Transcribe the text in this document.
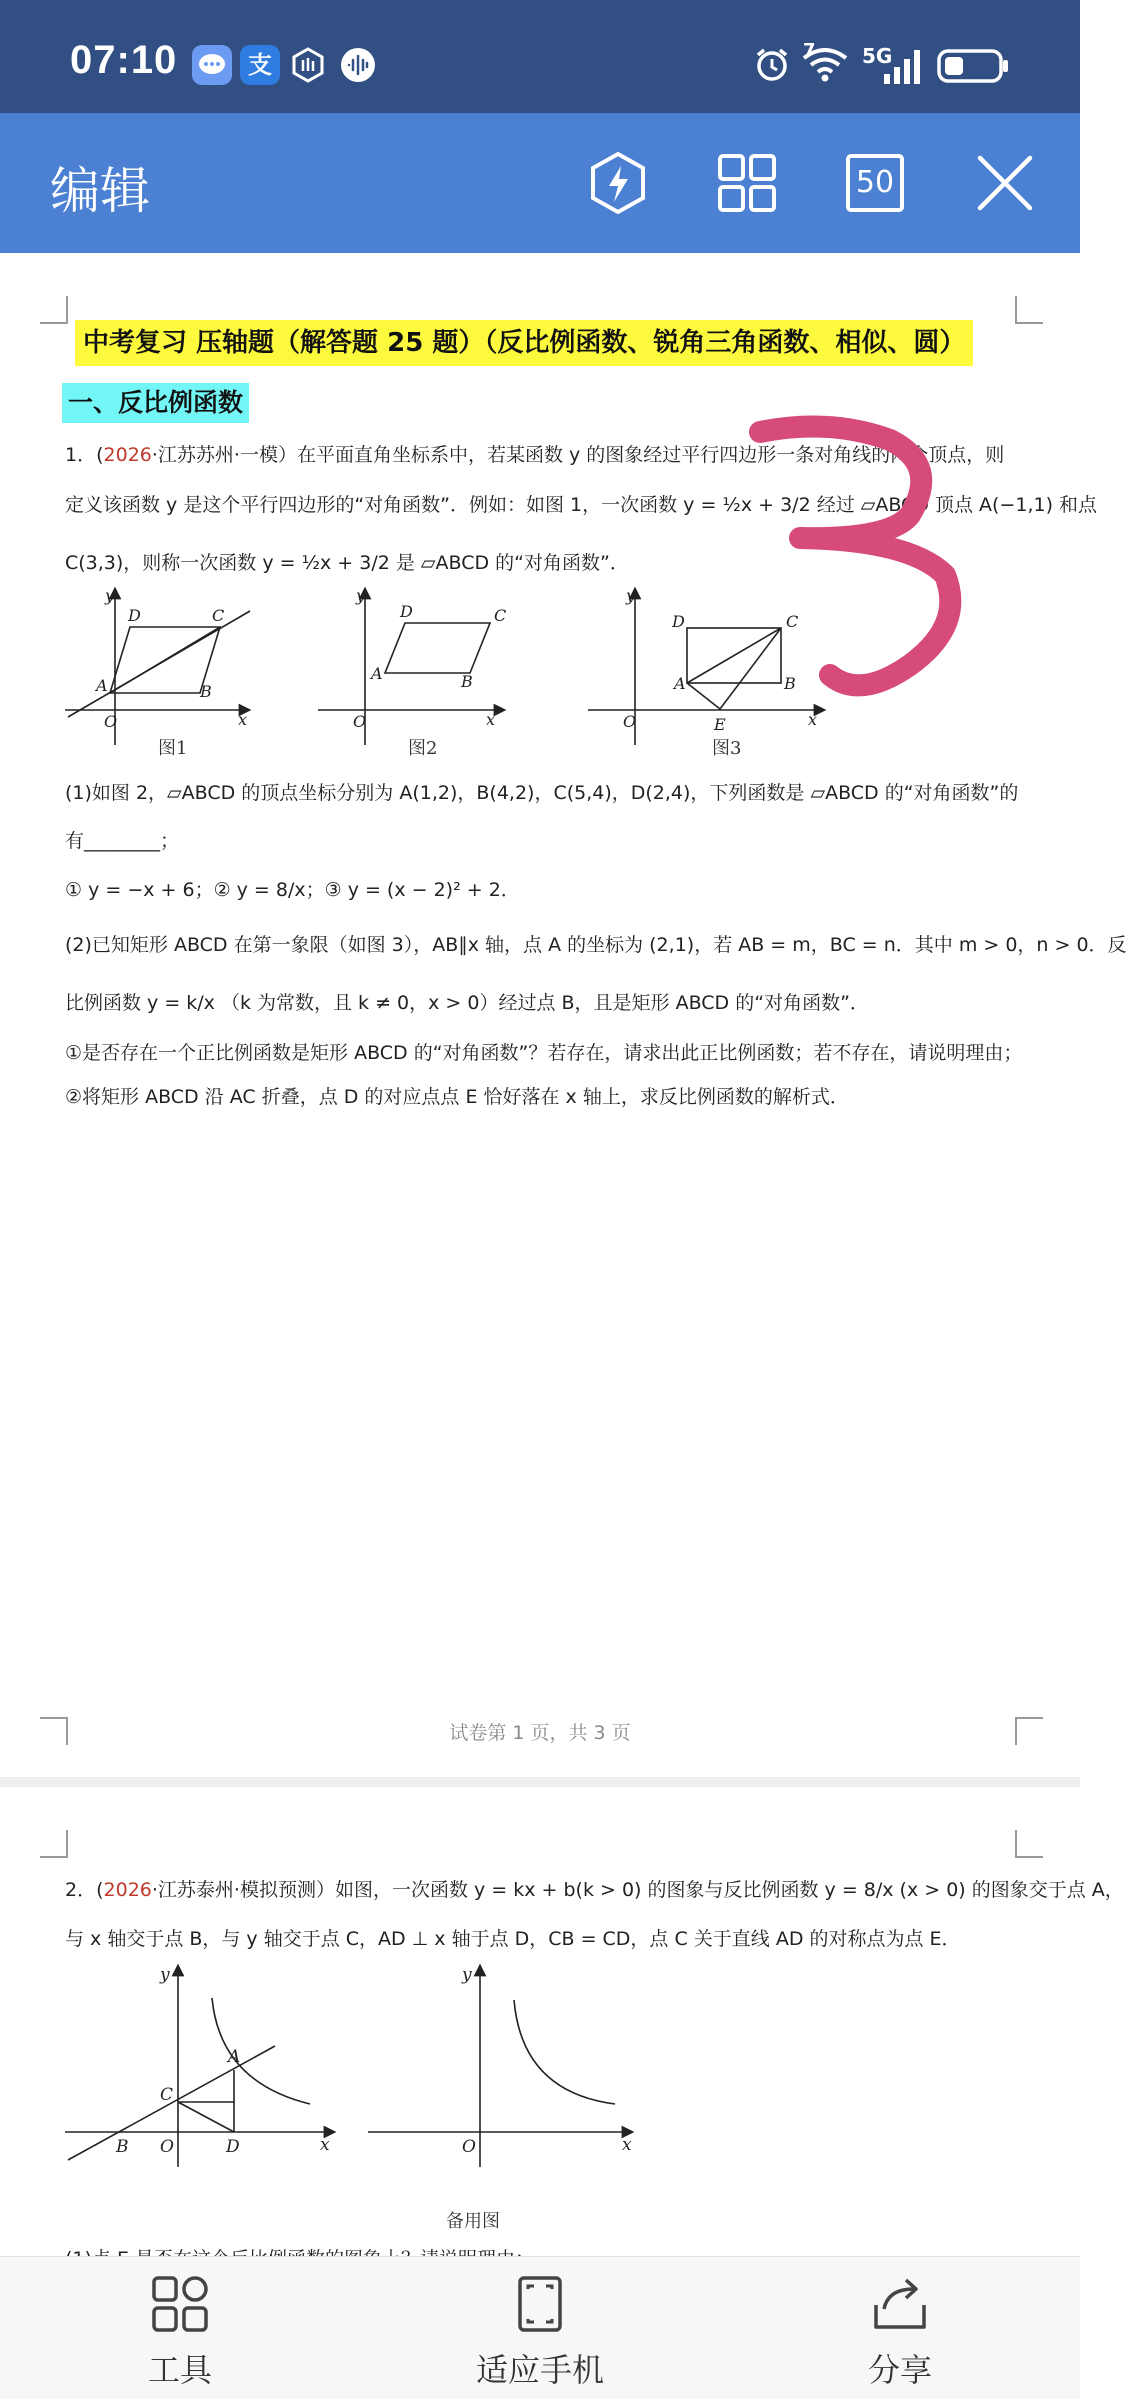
07:10	支
7 5G
编辑	50
中考复习 压轴题（解答题 25 题）（反比例函数、锐角三角函数、相似、圆）
一、反比例函数
1．(2026·江苏苏州·一模）在平面直角坐标系中，若某函数 y 的图象经过平行四边形一条对角线的两个顶点，则
定义该函数 y 是这个平行四边形的“对角函数”．例如：如图 1，一次函数 y = ½x + 3/2 经过 ▱ABCD 顶点 A(−1,1) 和点
C(3,3)，则称一次函数 y = ½x + 3/2 是 ▱ABCD 的“对角函数”．
D	C
A	B
O	x
y
D	C
A	B
O	x
y
D	C
A	B
E
O	x
y
图1	图2	图3
(1)如图 2，▱ABCD 的顶点坐标分别为 A(1,2)，B(4,2)，C(5,4)，D(2,4)，下列函数是 ▱ABCD 的“对角函数”的
有________；
① y = −x + 6；② y = 8/x；③ y = (x − 2)² + 2．
(2)已知矩形 ABCD 在第一象限（如图 3），AB∥x 轴，点 A 的坐标为 (2,1)，若 AB = m，BC = n．其中 m > 0，n > 0．反
比例函数 y = k/x （k 为常数，且 k ≠ 0，x > 0）经过点 B，且是矩形 ABCD 的“对角函数”．
①是否存在一个正比例函数是矩形 ABCD 的“对角函数”？若存在，请求出此正比例函数；若不存在，请说明理由；
②将矩形 ABCD 沿 AC 折叠，点 D 的对应点点 E 恰好落在 x 轴上，求反比例函数的解析式．
试卷第 1 页，共 3 页
2．(2026·江苏泰州·模拟预测）如图，一次函数 y = kx + b(k > 0) 的图象与反比例函数 y = 8/x (x > 0) 的图象交于点 A，
与 x 轴交于点 B，与 y 轴交于点 C，AD ⊥ x 轴于点 D，CB = CD，点 C 关于直线 AD 的对称点为点 E．
C
A
B O	D	x
y
O	x
y
备用图
工具	适应手机	分享
